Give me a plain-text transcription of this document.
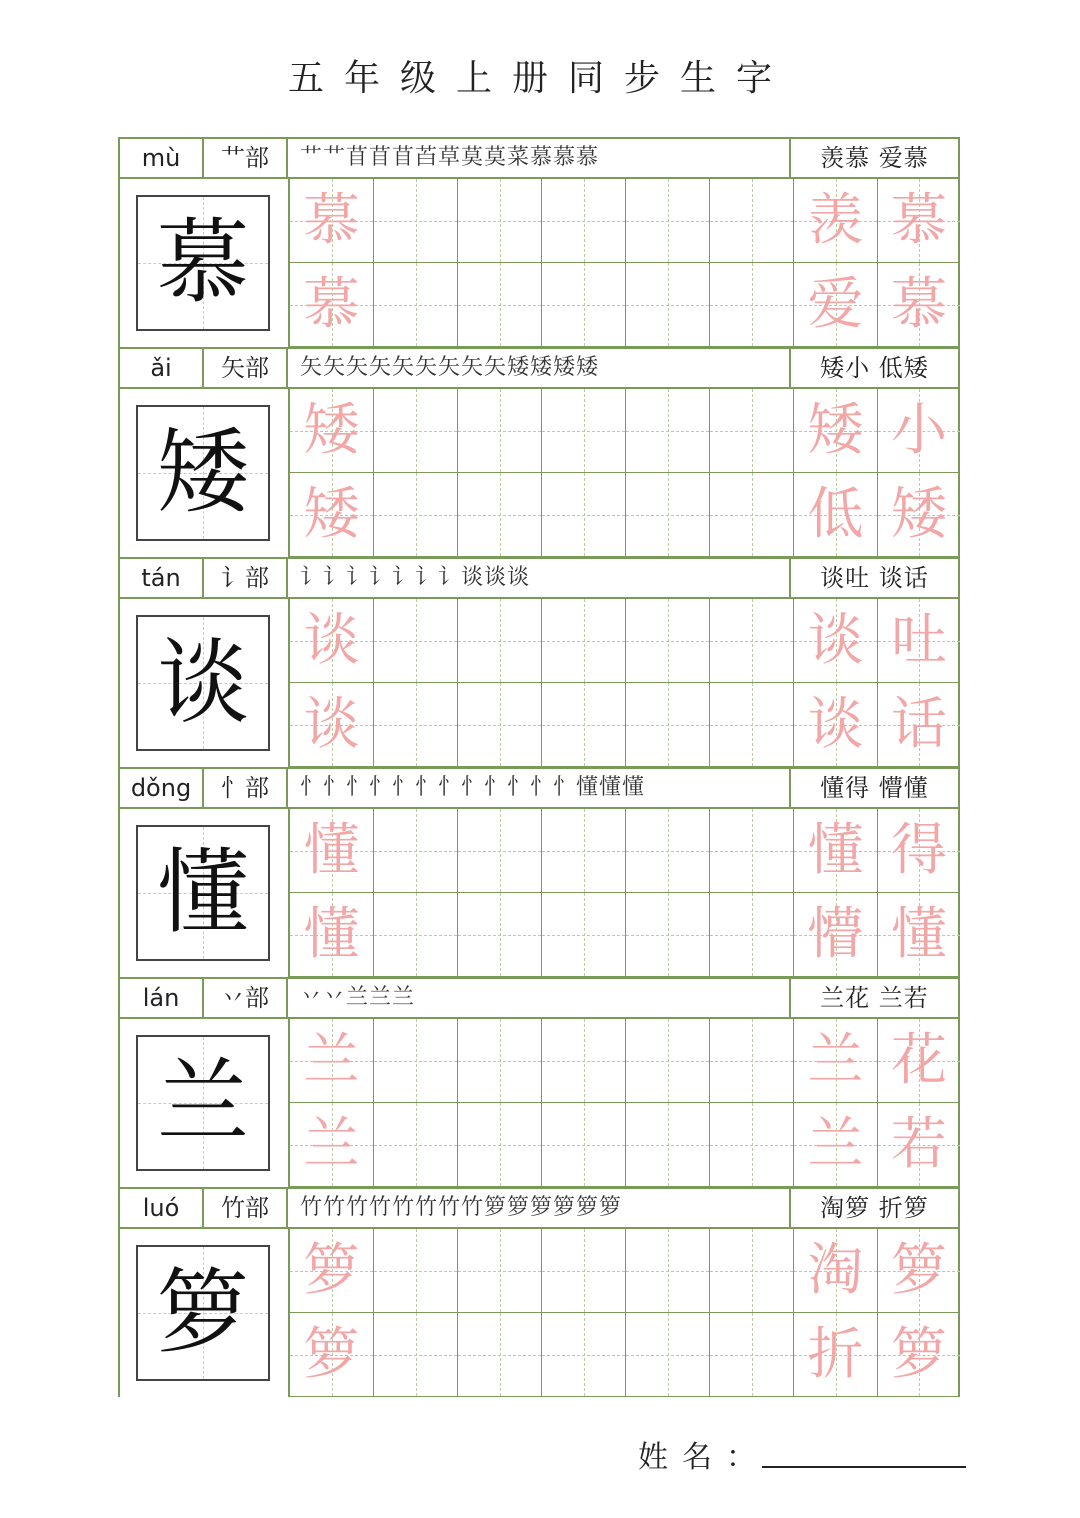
五年级上册同步生字
mù	艹部	艹艹苜苜苜苩草莫莫菜慕慕慕	羡慕 爱慕
慕 慕	羡 慕
慕	爱 慕
ǎi	矢部	矢矢矢矢矢矢矢矢矢矮矮矮矮	矮小 低矮
矮 矮	矮 小
矮	低 矮
tán	讠部	讠讠讠讠讠讠讠谈谈谈	谈吐 谈话
谈 谈	谈 吐
谈	谈 话
dǒng	忄部	忄忄忄忄忄忄忄忄忄忄忄忄懂懂懂	懂得 懵懂
懂 懂	懂 得
懂	懵 懂
lán	丷部	丷丷兰兰兰	兰花 兰若
兰 兰	兰 花
兰	兰 若
luó	竹部	竹竹竹竹竹竹竹竹箩箩箩箩箩箩	淘箩 折箩
箩 箩	淘 箩
箩	折 箩
姓名：
